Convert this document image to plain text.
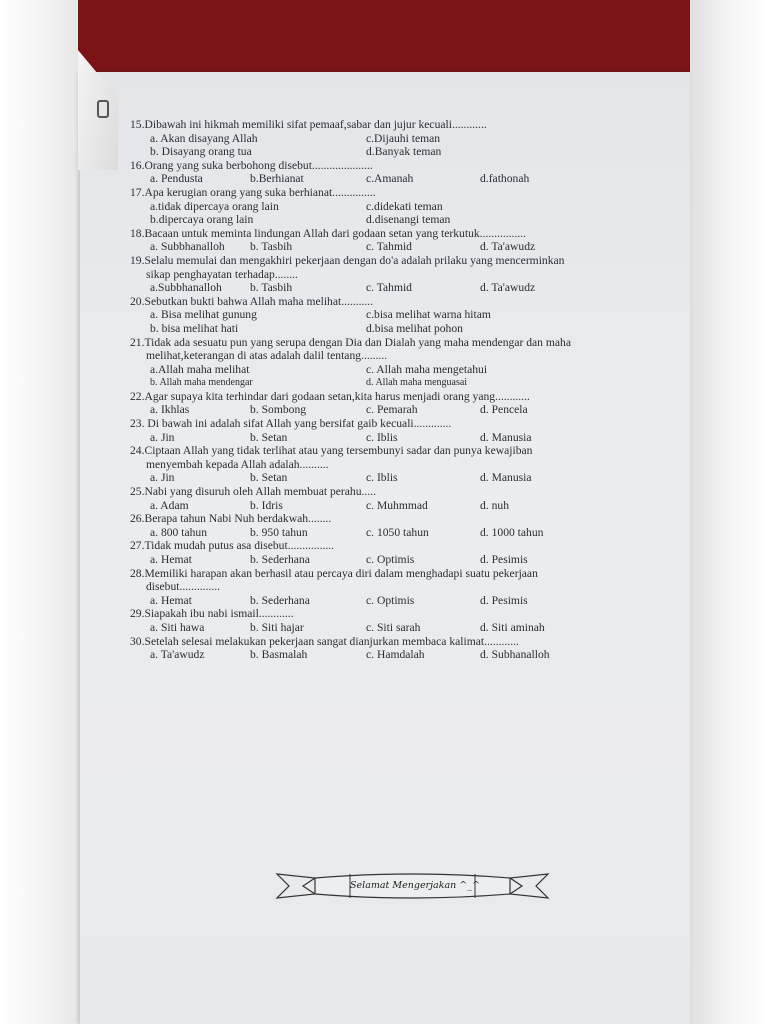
15.Dibawah ini hikmah memiliki sifat pemaaf,sabar dan jujur kecuali............

a. Akan disayang Allah	c.Dijauhi teman
b. Disayang orang tua	d.Banyak teman

16.Orang yang suka berbohong disebut.....................

a. Pendusta	b.Berhianat	c.Amanah	d.fathonah

17.Apa kerugian orang yang suka berhianat...............

a.tidak dipercaya orang lain	c.didekati teman
b.dipercaya orang lain	d.disenangi teman

18.Bacaan untuk meminta lindungan Allah dari godaan setan yang terkutuk................

a. Subbhanalloh	b. Tasbih	c. Tahmid	d. Ta'awudz

19.Selalu memulai dan mengakhiri pekerjaan dengan do'a adalah prilaku yang mencerminkan

sikap penghayatan terhadap........

a.Subbhanalloh	b. Tasbih	c. Tahmid	d. Ta'awudz

20.Sebutkan bukti bahwa Allah maha melihat...........

a. Bisa melihat gunung	c.bisa melihat warna hitam
b. bisa melihat hati	d.bisa melihat pohon

21.Tidak ada sesuatu pun yang serupa dengan Dia dan Dialah yang maha mendengar dan maha

melihat,keterangan di atas adalah dalil tentang.........

a.Allah maha melihat	c. Allah maha mengetahui
b. Allah maha mendengar	d. Allah maha menguasai

22.Agar supaya kita terhindar dari godaan setan,kita harus menjadi orang yang............

a. Ikhlas	b. Sombong	c. Pemarah	d. Pencela

23. Di bawah ini adalah sifat Allah yang bersifat gaib kecuali.............

a. Jin	b. Setan	c. Iblis	d. Manusia

24.Ciptaan Allah yang tidak terlihat atau yang tersembunyi sadar dan punya kewajiban

menyembah kepada Allah adalah..........

a. Jin	b. Setan	c. Iblis	d. Manusia

25.Nabi yang disuruh oleh Allah membuat perahu.....

a. Adam	b. Idris	c. Muhmmad	d. nuh

26.Berapa tahun Nabi Nuh berdakwah........

a. 800 tahun	b. 950 tahun	c. 1050 tahun	d. 1000 tahun

27.Tidak mudah putus asa disebut................

a. Hemat	b. Sederhana	c. Optimis	d. Pesimis

28.Memiliki harapan akan berhasil atau percaya diri dalam menghadapi suatu pekerjaan

disebut..............

a. Hemat	b. Sederhana	c. Optimis	d. Pesimis

29.Siapakah ibu nabi ismail............

a. Siti hawa	b. Siti hajar	c. Siti sarah	d. Siti aminah

30.Setelah selesai melakukan pekerjaan sangat dianjurkan membaca kalimat............

a. Ta'awudz	b. Basmalah	c. Hamdalah	d. Subhanalloh
Selamat Mengerjakan ^_^
